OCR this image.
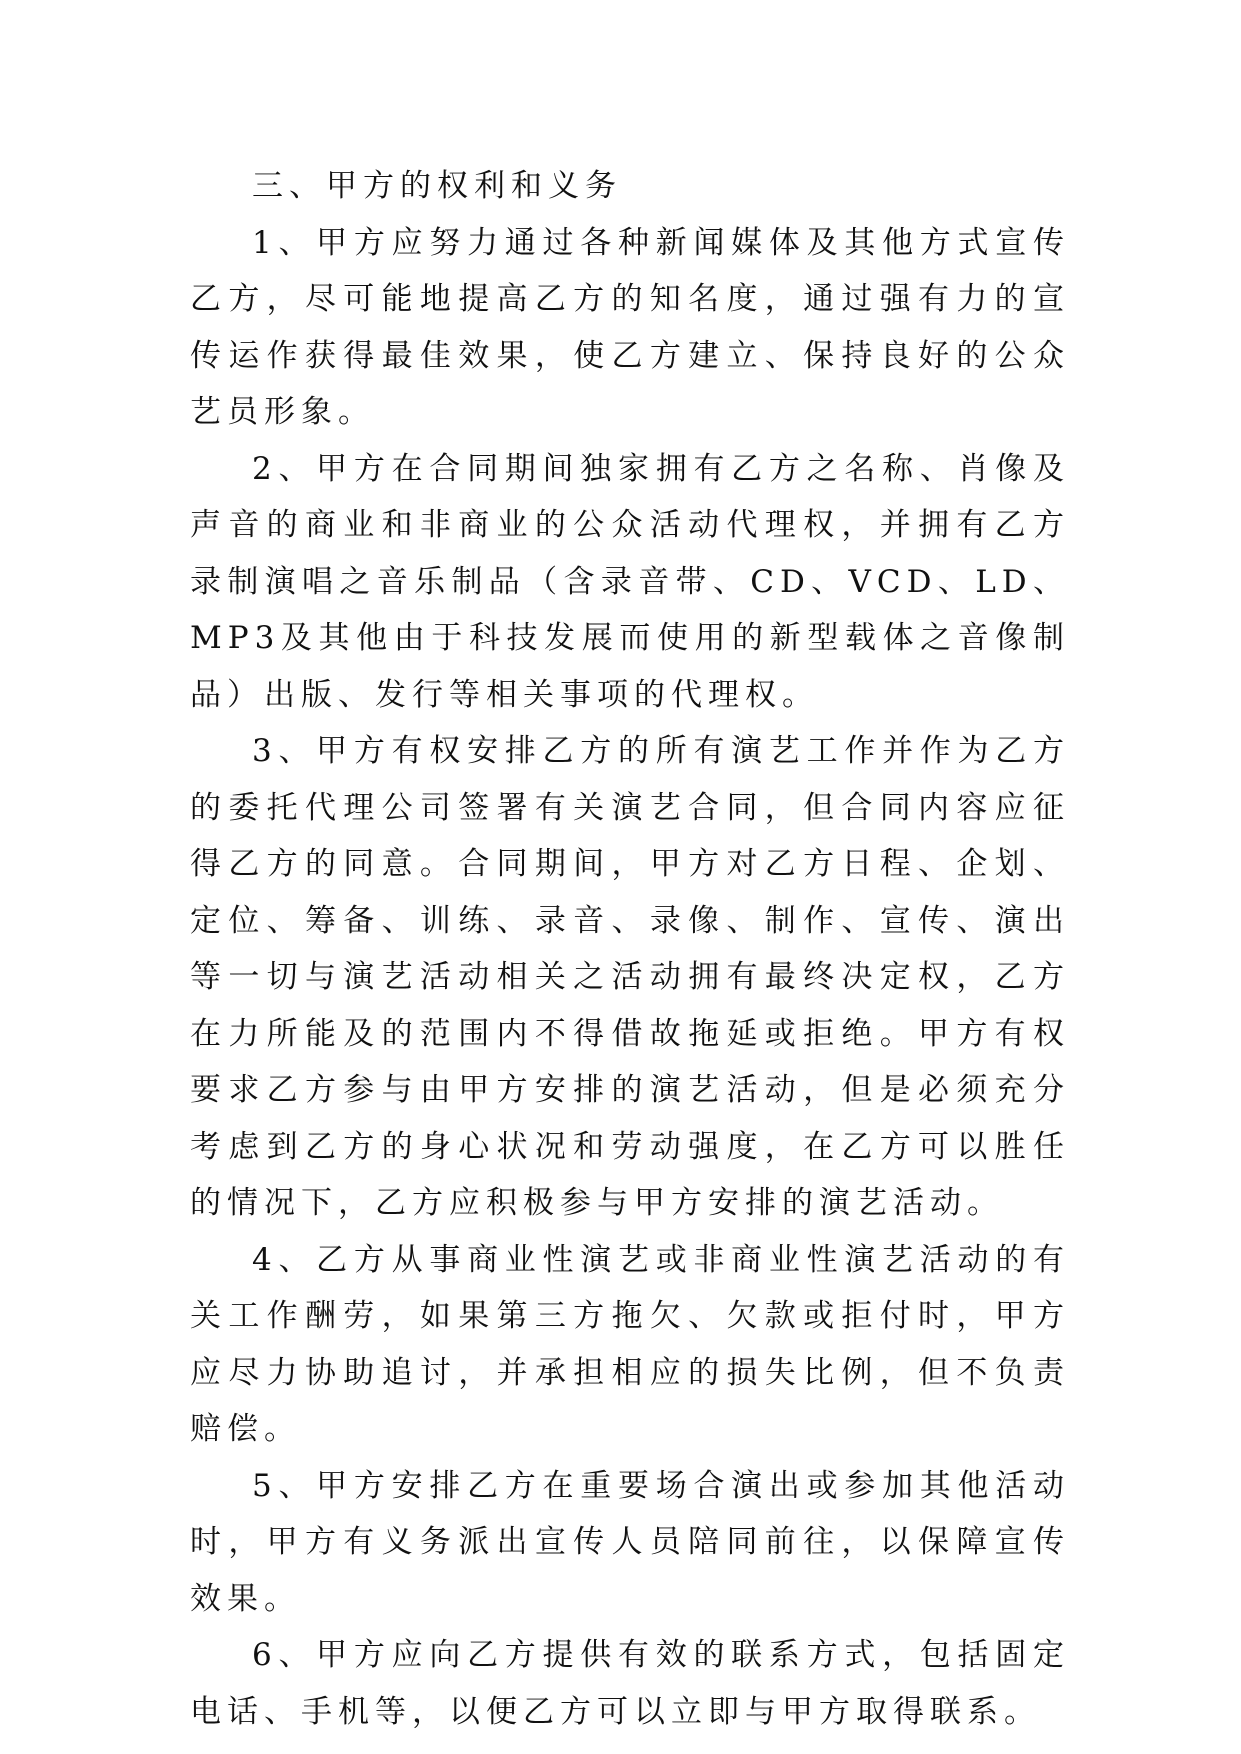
三、甲方的权利和义务

1、甲方应努力通过各种新闻媒体及其他方式宣传乙方，尽可能地提高乙方的知名度，通过强有力的宣传运作获得最佳效果，使乙方建立、保持良好的公众艺员形象。

2、甲方在合同期间独家拥有乙方之名称、肖像及声音的商业和非商业的公众活动代理权，并拥有乙方录制演唱之音乐制品（含录音带、CD、VCD、LD、MP3及其他由于科技发展而使用的新型载体之音像制品）出版、发行等相关事项的代理权。

3、甲方有权安排乙方的所有演艺工作并作为乙方的委托代理公司签署有关演艺合同，但合同内容应征得乙方的同意。合同期间，甲方对乙方日程、企划、定位、筹备、训练、录音、录像、制作、宣传、演出等一切与演艺活动相关之活动拥有最终决定权，乙方在力所能及的范围内不得借故拖延或拒绝。甲方有权要求乙方参与由甲方安排的演艺活动，但是必须充分考虑到乙方的身心状况和劳动强度，在乙方可以胜任的情况下，乙方应积极参与甲方安排的演艺活动。

4、乙方从事商业性演艺或非商业性演艺活动的有关工作酬劳，如果第三方拖欠、欠款或拒付时，甲方应尽力协助追讨，并承担相应的损失比例，但不负责赔偿。

5、甲方安排乙方在重要场合演出或参加其他活动时，甲方有义务派出宣传人员陪同前往，以保障宣传效果。

6、甲方应向乙方提供有效的联系方式，包括固定电话、手机等，以便乙方可以立即与甲方取得联系。
